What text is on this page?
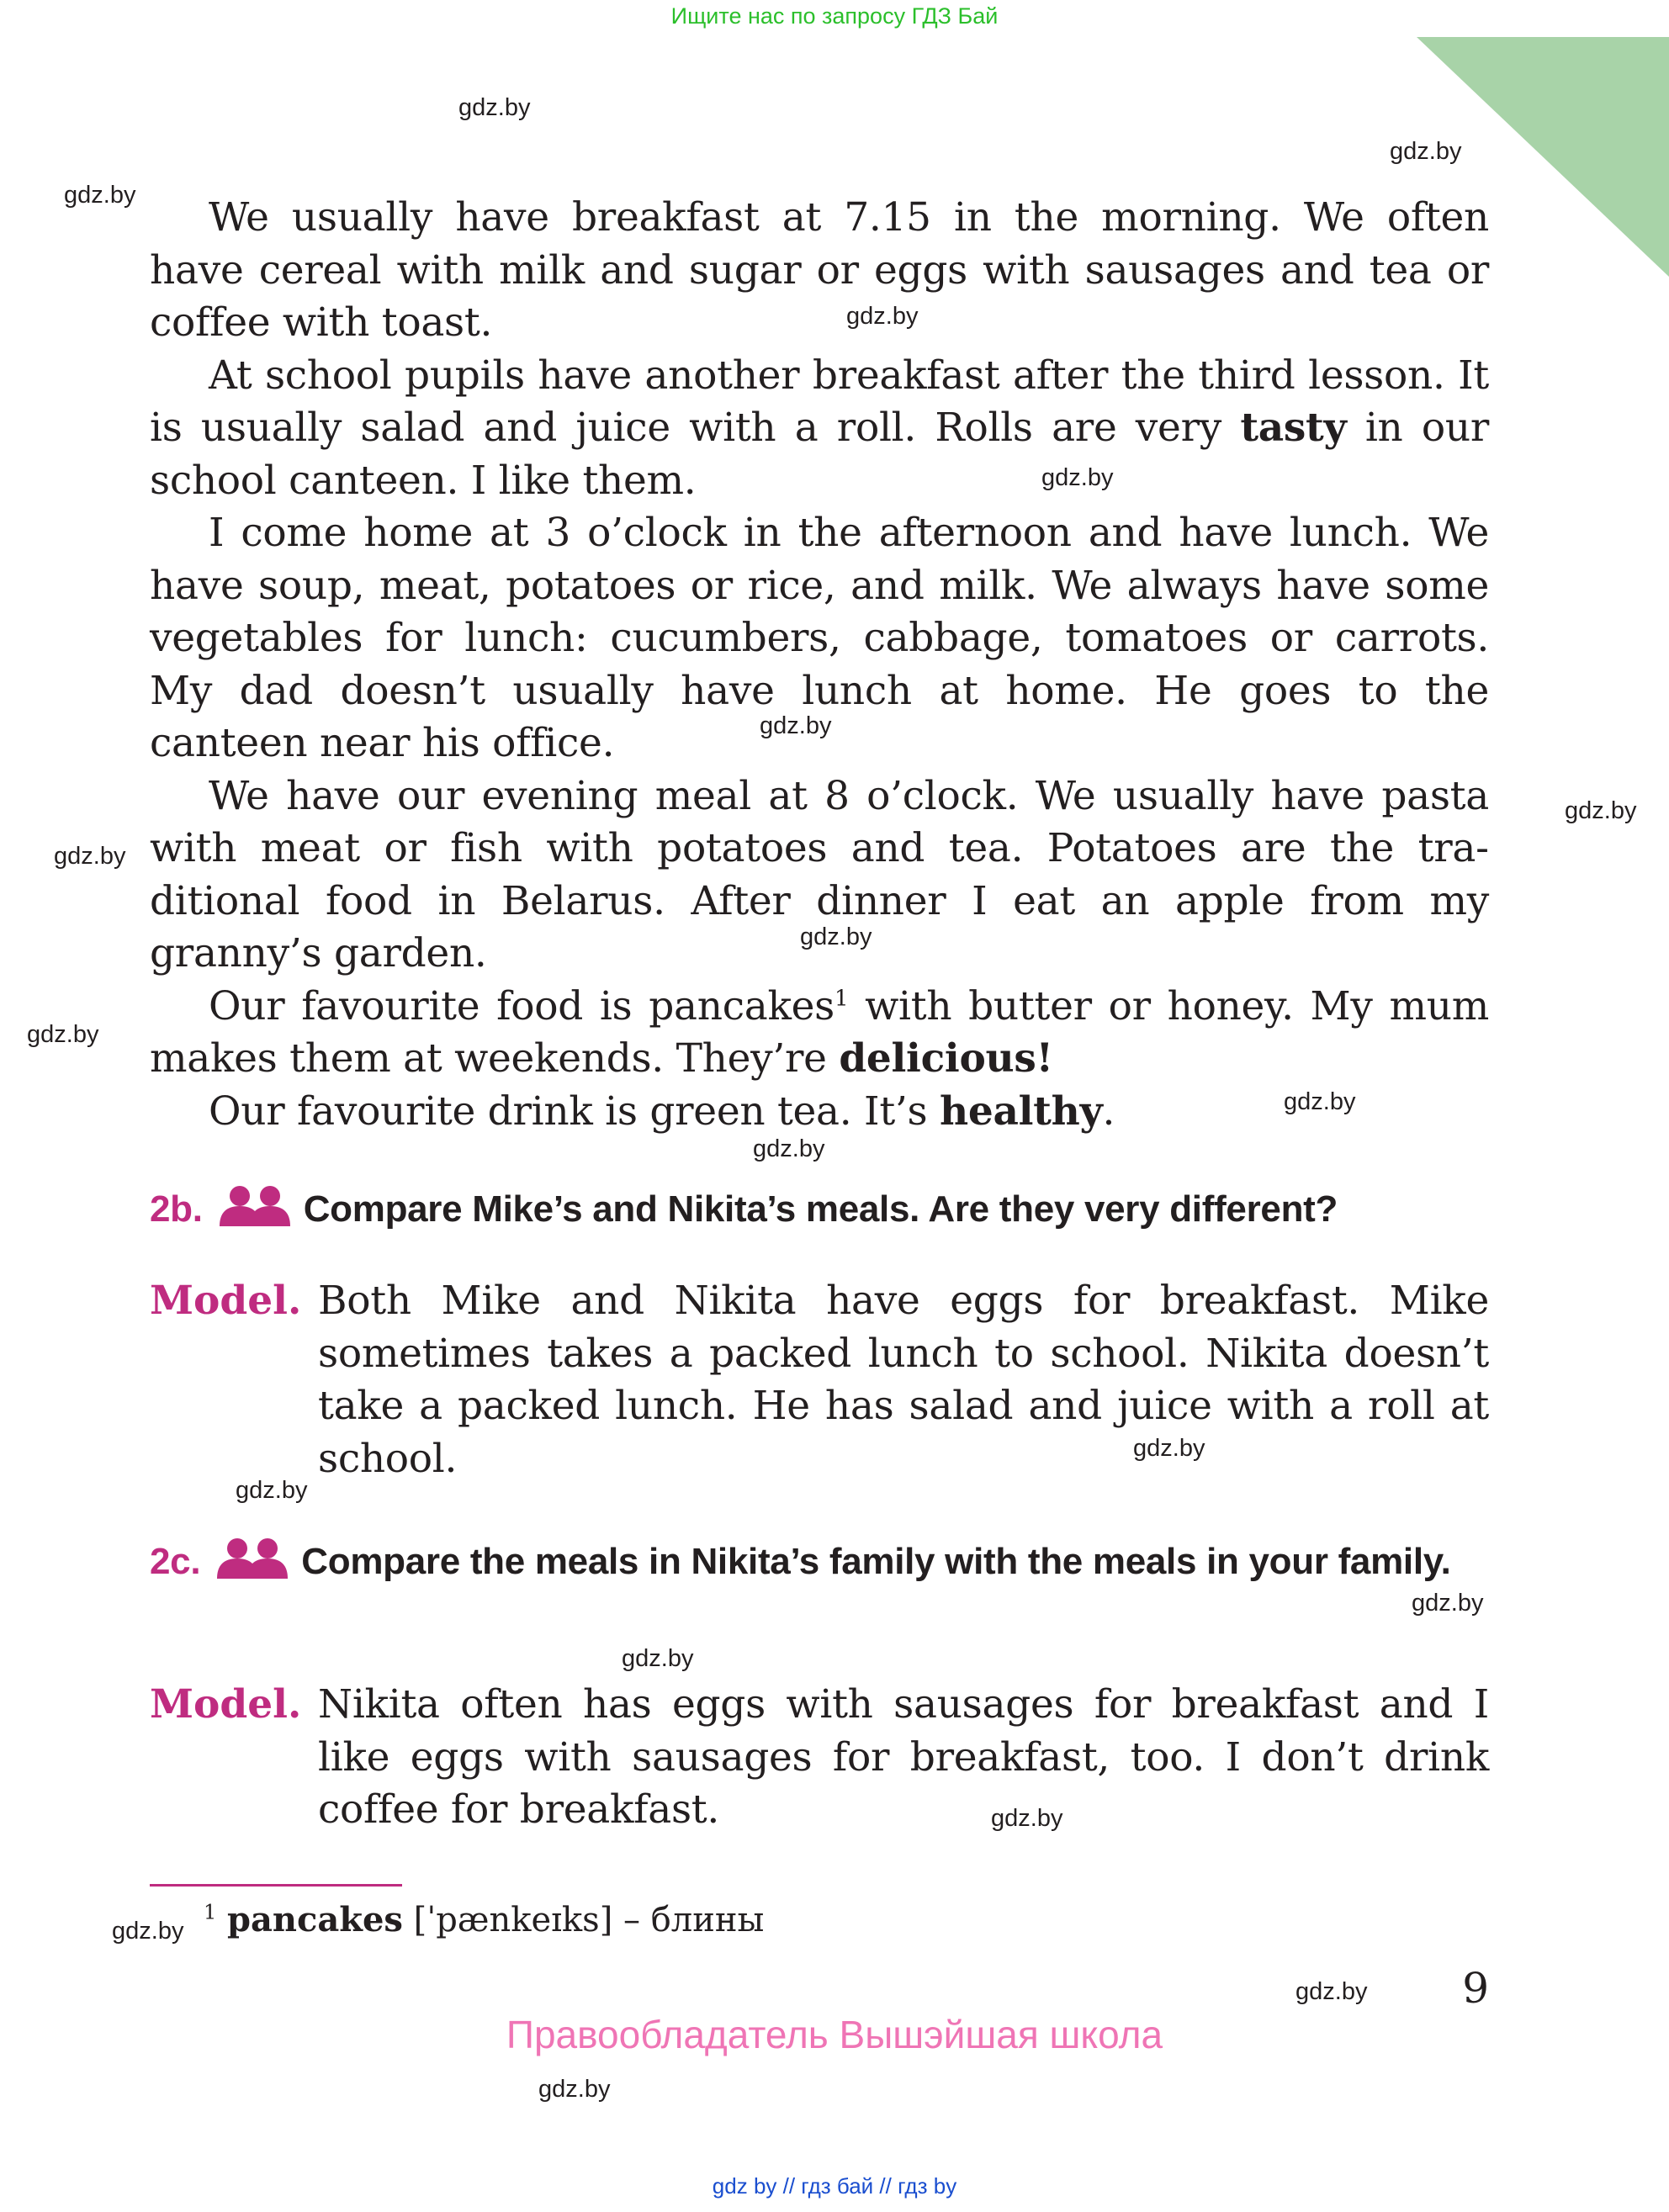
Ищите нас по запросу ГДЗ Бай
gdz.by
gdz.by
gdz.by
gdz.by
gdz.by
gdz.by
gdz.by
gdz.by
gdz.by
gdz.by
gdz.by
gdz.by
gdz.by
gdz.by
gdz.by
gdz.by
gdz.by
gdz.by
gdz.by
gdz.by

We usually have breakfast at 7.15 in the morning. We often have cereal with milk and sugar or eggs with sausages and tea or coffee with toast.

At school pupils have another breakfast after the third lesson. It is usually salad and juice with a roll. Rolls are very tasty in our school canteen. I like them.

I come home at 3 o’clock in the afternoon and have lunch. We have soup, meat, potatoes or rice, and milk. We always have some vegetables for lunch: cucumbers, cabbage, tomatoes or carrots. My dad doesn’t usually have lunch at home. He goes to the canteen near his office.

We have our evening meal at 8 o’clock. We usually have pasta with meat or fish with potatoes and tea. Potatoes are the traditional food in Belarus. After dinner I eat an apple from my granny’s garden.

Our favourite food is pancakes$^1$ with butter or honey. My mum makes them at weekends. They’re delicious!

Our favourite drink is green tea. It’s healthy.

2b.	Compare Mike’s and Nikita’s meals. Are they very different?
Model. Both Mike and Nikita have eggs for breakfast. Mike sometimes takes a packed lunch to school. Nikita doesn’t take a packed lunch. He has salad and juice with a roll at school.
2c.	Compare the meals in Nikita’s family with the meals in your family.
Model. Nikita often has eggs with sausages for breakfast and I like eggs with sausages for breakfast, too. I don’t drink coffee for breakfast.
$^1$ pancakes [ˈpænkeɪks] – блины
9
Правообладатель Вышэйшая школа
gdz by // гдз бай // гдз by
